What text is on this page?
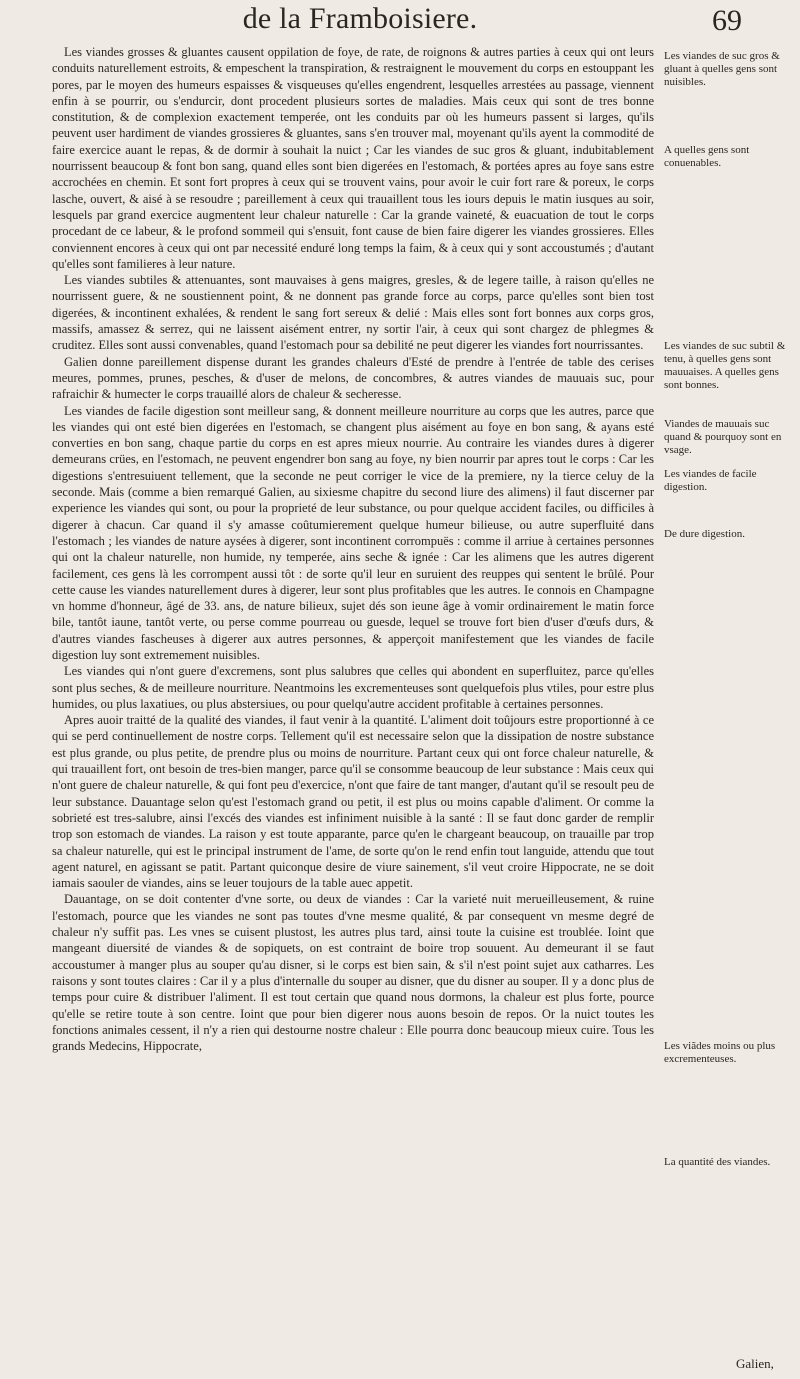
de la Framboisiere.	69

Les viandes grosses & gluantes causent oppilation de foye, de rate, de roignons & autres parties à ceux qui ont leurs conduits naturellement estroits, & empeschent la transpiration, & restraignent le mouvement du corps en estouppant les pores, par le moyen des humeurs espaisses & visqueuses qu'elles engendrent, lesquelles arrestées au passage, viennent enfin à se pourrir, ou s'endurcir, dont procedent plusieurs sortes de maladies. Mais ceux qui sont de tres bonne constitution, & de complexion exactement temperée, ont les conduits par où les humeurs passent si larges, qu'ils peuvent user hardiment de viandes grossieres & gluantes, sans s'en trouver mal, moyenant qu'ils ayent la commodité de faire exercice auant le repas, & de dormir à souhait la nuict ; Car les viandes de suc gros & gluant, indubitablement nourrissent beaucoup & font bon sang, quand elles sont bien digerées en l'estomach, & portées apres au foye sans estre accrochées en chemin. Et sont fort propres à ceux qui se trouvent vains, pour avoir le cuir fort rare & poreux, le corps lasche, ouvert, & aisé à se resoudre ; pareillement à ceux qui trauaillent tous les iours depuis le matin iusques au soir, lesquels par grand exercice augmentent leur chaleur naturelle : Car la grande vaineté, & euacuation de tout le corps procedant de ce labeur, & le profond sommeil qui s'ensuit, font cause de bien faire digerer les viandes grossieres. Elles conviennent encores à ceux qui ont par necessité enduré long temps la faim, & à ceux qui y sont accoustumés ; d'autant qu'elles sont familieres à leur nature.

Les viandes subtiles & attenuantes, sont mauvaises à gens maigres, gresles, & de legere taille, à raison qu'elles ne nourrissent guere, & ne soustiennent point, & ne donnent pas grande force au corps, parce qu'elles sont bien tost digerées, & incontinent exhalées, & rendent le sang fort sereux & delié : Mais elles sont fort bonnes aux corps gros, massifs, amassez & serrez, qui ne laissent aisément entrer, ny sortir l'air, à ceux qui sont chargez de phlegmes & cruditez. Elles sont aussi convenables, quand l'estomach pour sa debilité ne peut digerer les viandes fort nourrissantes.

Galien donne pareillement dispense durant les grandes chaleurs d'Esté de prendre à l'entrée de table des cerises meures, pommes, prunes, pesches, & d'user de melons, de concombres, & autres viandes de mauuais suc, pour rafraichir & humecter le corps trauaillé alors de chaleur & secheresse.

Les viandes de facile digestion sont meilleur sang, & donnent meilleure nourriture au corps que les autres, parce que les viandes qui ont esté bien digerées en l'estomach, se changent plus aisément au foye en bon sang, & ayans esté converties en bon sang, chaque partie du corps en est apres mieux nourrie. Au contraire les viandes dures à digerer demeurans crües, en l'estomach, ne peuvent engendrer bon sang au foye, ny bien nourrir par apres tout le corps : Car les digestions s'entresuiuent tellement, que la seconde ne peut corriger le vice de la premiere, ny la tierce celuy de la seconde. Mais (comme a bien remarqué Galien, au sixiesme chapitre du second liure des alimens) il faut discerner par experience les viandes qui sont, ou pour la proprieté de leur substance, ou pour quelque accident faciles, ou difficiles à digerer à chacun. Car quand il s'y amasse coûtumierement quelque humeur bilieuse, ou autre superfluité dans l'estomach ; les viandes de nature aysées à digerer, sont incontinent corrompuës : comme il arriue à certaines personnes qui ont la chaleur naturelle, non humide, ny temperée, ains seche & ignée : Car les alimens que les autres digerent facilement, ces gens là les corrompent aussi tôt : de sorte qu'il leur en suruient des reuppes qui sentent le brûlé. Pour cette cause les viandes naturellement dures à digerer, leur sont plus profitables que les autres. Ie connois en Champagne vn homme d'honneur, âgé de 33. ans, de nature bilieux, sujet dés son ieune âge à vomir ordinairement le matin force bile, tantôt iaune, tantôt verte, ou perse comme pourreau ou guesde, lequel se trouve fort bien d'user d'œufs durs, & d'autres viandes fascheuses à digerer aux autres personnes, & apperçoit manifestement que les viandes de facile digestion luy sont extremement nuisibles.

Les viandes qui n'ont guere d'excremens, sont plus salubres que celles qui abondent en superfluitez, parce qu'elles sont plus seches, & de meilleure nourriture. Neantmoins les excrementeuses sont quelquefois plus vtiles, pour estre plus humides, ou plus laxatiues, ou plus abstersiues, ou pour quelqu'autre accident profitable à certaines personnes.

Apres auoir traitté de la qualité des viandes, il faut venir à la quantité. L'aliment doit toûjours estre proportionné à ce qui se perd continuellement de nostre corps. Tellement qu'il est necessaire selon que la dissipation de nostre substance est plus grande, ou plus petite, de prendre plus ou moins de nourriture. Partant ceux qui ont force chaleur naturelle, & qui trauaillent fort, ont besoin de tres-bien manger, parce qu'il se consomme beaucoup de leur substance : Mais ceux qui n'ont guere de chaleur naturelle, & qui font peu d'exercice, n'ont que faire de tant manger, d'autant qu'il se resoult peu de leur substance. Dauantage selon qu'est l'estomach grand ou petit, il est plus ou moins capable d'aliment. Or comme la sobrieté est tres-salubre, ainsi l'excés des viandes est infiniment nuisible à la santé : Il se faut donc garder de remplir trop son estomach de viandes. La raison y est toute apparante, parce qu'en le chargeant beaucoup, on trauaille par trop sa chaleur naturelle, qui est le principal instrument de l'ame, de sorte qu'on le rend enfin tout languide, attendu que tout agent naturel, en agissant se patit. Partant quiconque desire de viure sainement, s'il veut croire Hippocrate, ne se doit iamais saouler de viandes, ains se leuer toujours de la table auec appetit.

Dauantage, on se doit contenter d'vne sorte, ou deux de viandes : Car la varieté nuit merueilleusement, & ruine l'estomach, pource que les viandes ne sont pas toutes d'vne mesme qualité, & par consequent vn mesme degré de chaleur n'y suffit pas. Les vnes se cuisent plustost, les autres plus tard, ainsi toute la cuisine est troublée. Ioint que mangeant diuersité de viandes & de sopiquets, on est contraint de boire trop souuent. Au demeurant il se faut accoustumer à manger plus au souper qu'au disner, si le corps est bien sain, & s'il n'est point sujet aux catharres. Les raisons y sont toutes claires : Car il y a plus d'internalle du souper au disner, que du disner au souper. Il y a donc plus de temps pour cuire & distribuer l'aliment. Il est tout certain que quand nous dormons, la chaleur est plus forte, pource qu'elle se retire toute à son centre. Ioint que pour bien digerer nous auons besoin de repos. Or la nuict toutes les fonctions animales cessent, il n'y a rien qui destourne nostre chaleur : Elle pourra donc beaucoup mieux cuire. Tous les grands Medecins, Hippocrate,

Les viandes de suc gros & gluant à quelles gens sont nuisibles.
A quelles gens sont conuenables.
Les viandes de suc subtil & tenu, à quelles gens sont mauuaises. A quelles gens sont bonnes.
Viandes de mauuais suc quand & pourquoy sont en vsage.
Les viandes de facile digestion.
De dure digestion.
Les viãdes moins ou plus excrementeuses.
La quantité des viandes.
Galien,
